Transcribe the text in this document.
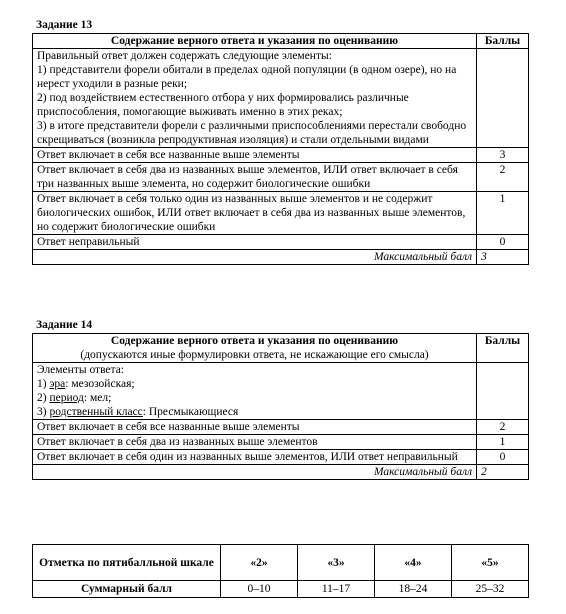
Задание 13
Содержание верного ответа и указания по оцениванию	Баллы

Правильный ответ должен содержать следующие элементы:
1) представители форели обитали в пределах одной популяции (в одном озере), но на нерест уходили в разные реки;
2) под воздействием естественного отбора у них формировались различные приспособления, помогающие выживать именно в этих реках;
3) в итоге представители форели с различными приспособлениями перестали свободно скрещиваться (возникла репродуктивная изоляция) и стали отдельными видами	

Ответ включает в себя все названные выше элементы	3
Ответ включает в себя два из названных выше элементов, ИЛИ ответ включает в себя три названных выше элемента, но содержит биологические ошибки	2
Ответ включает в себя только один из названных выше элементов и не содержит биологических ошибок, ИЛИ ответ включает в себя два из названных выше элементов, но содержит биологические ошибки	1
Ответ неправильный	0
Максимальный балл	3
Задание 14
Содержание верного ответа и указания по оцениванию
(допускаются иные формулировки ответа, не искажающие его смысла)	Баллы

Элементы ответа:
1) эра: мезозойская;
2) период: мел;
3) родственный класс: Пресмыкающиеся	

Ответ включает в себя все названные выше элементы	2
Ответ включает в себя два из названных выше элементов	1
Ответ включает в себя один из названных выше элементов, ИЛИ ответ неправильный	0
Максимальный балл	2
Отметка по пятибалльной шкале	«2»	«3»	«4»	«5»
Суммарный балл	0–10	11–17	18–24	25–32
